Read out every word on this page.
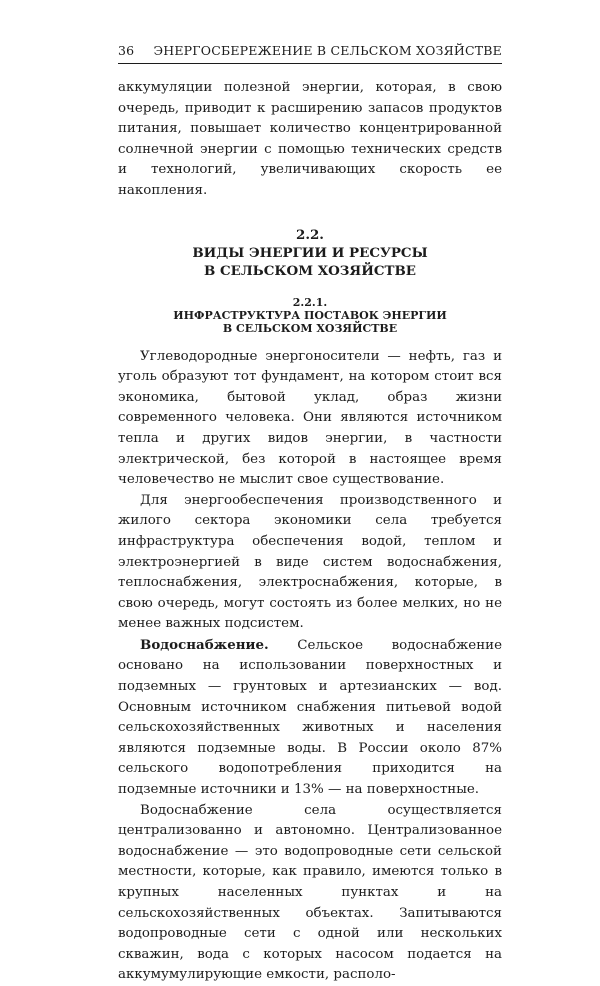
36 ЭНЕРГОСБЕРЕЖЕНИЕ В СЕЛЬСКОМ ХОЗЯЙСТВЕ

аккумуляции полезной энергии, которая, в свою очередь, приводит к расширению запасов продуктов питания, повышает количество концентрированной солнечной энергии с помощью технических средств и технологий, увеличивающих скорость ее накопления.

2.2.
ВИДЫ ЭНЕРГИИ И РЕСУРСЫ
В СЕЛЬСКОМ ХОЗЯЙСТВЕ
2.2.1.
ИНФРАСТРУКТУРА ПОСТАВОК ЭНЕРГИИ
В СЕЛЬСКОМ ХОЗЯЙСТВЕ

Углеводородные энергоносители — нефть, газ и уголь образуют тот фундамент, на котором стоит вся экономика, бытовой уклад, образ жизни современного человека. Они являются источником тепла и других видов энергии, в частности электрической, без которой в настоящее время человечество не мыслит свое существование.

Для энергообеспечения производственного и жилого сектора экономики села требуется инфраструктура обеспечения водой, теплом и электроэнергией в виде систем водоснабжения, теплоснабжения, электроснабжения, которые, в свою очередь, могут состоять из более мелких, но не менее важных подсистем.

Водоснабжение. Сельское водоснабжение основано на использовании поверхностных и подземных — грунтовых и артезианских — вод. Основным источником снабжения питьевой водой сельскохозяйственных животных и населения являются подземные воды. В России около 87% сельского водопотребления приходится на подземные источники и 13% — на поверхностные.

Водоснабжение села осуществляется централизованно и автономно. Централизованное водоснабжение — это водопроводные сети сельской местности, которые, как правило, имеются только в крупных населенных пунктах и на сельскохозяйственных объектах. Запитываются водопроводные сети с одной или нескольких скважин, вода с которых насосом подается на аккумумулирующие емкости, располо-
